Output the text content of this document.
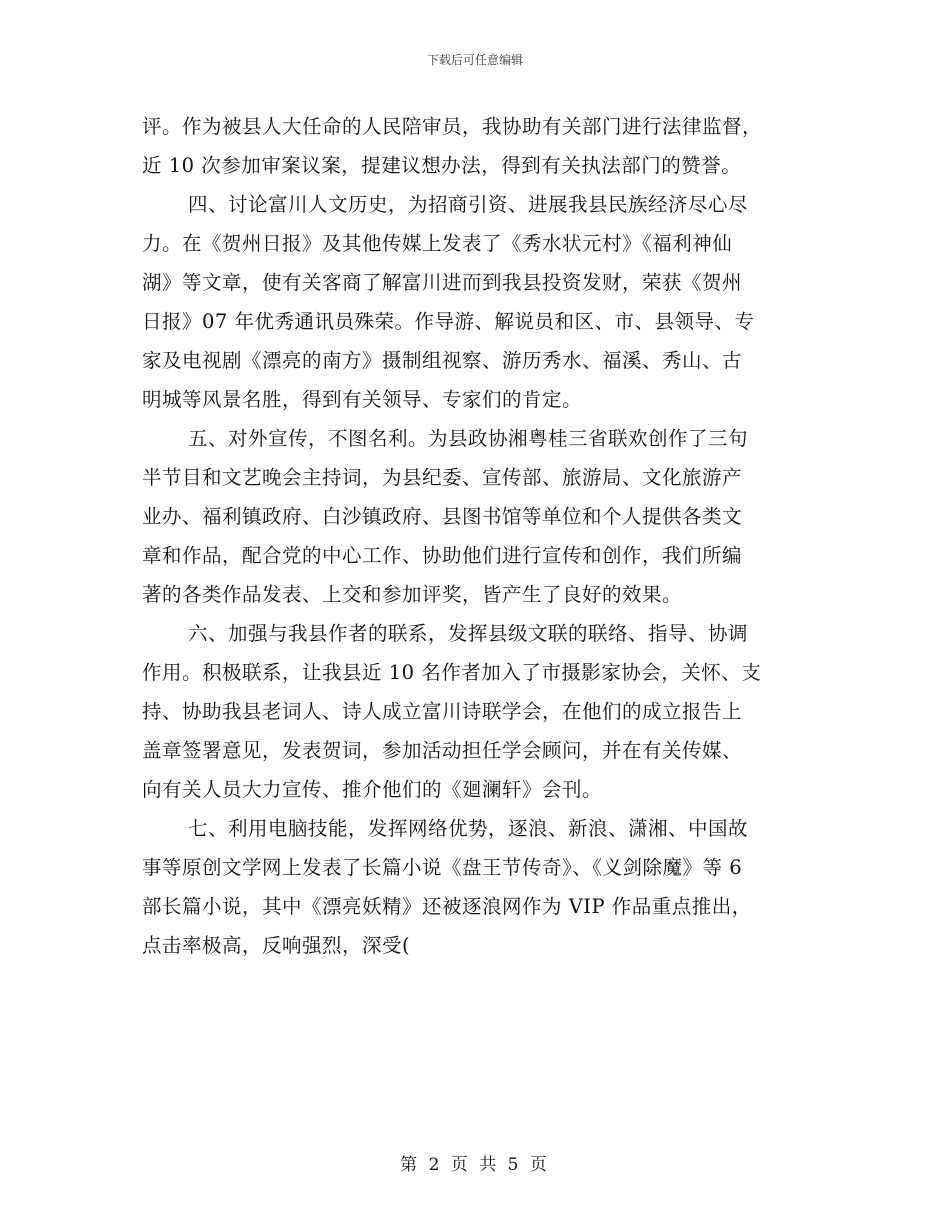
下载后可任意编辑
评。作为被县人大任命的人民陪审员，我协助有关部门进行法律监督，
近 10 次参加审案议案，提建议想办法，得到有关执法部门的赞誉。
四、讨论富川人文历史，为招商引资、进展我县民族经济尽心尽
力。在《贺州日报》及其他传媒上发表了《秀水状元村》《福利神仙
湖》等文章，使有关客商了解富川进而到我县投资发财，荣获《贺州
日报》07 年优秀通讯员殊荣。作导游、解说员和区、市、县领导、专
家及电视剧《漂亮的南方》摄制组视察、游历秀水、福溪、秀山、古
明城等风景名胜，得到有关领导、专家们的肯定。
五、对外宣传，不图名利。为县政协湘粤桂三省联欢创作了三句
半节目和文艺晚会主持词，为县纪委、宣传部、旅游局、文化旅游产
业办、福利镇政府、白沙镇政府、县图书馆等单位和个人提供各类文
章和作品，配合党的中心工作、协助他们进行宣传和创作，我们所编
著的各类作品发表、上交和参加评奖，皆产生了良好的效果。
六、加强与我县作者的联系，发挥县级文联的联络、指导、协调
作用。积极联系，让我县近 10 名作者加入了市摄影家协会，关怀、支
持、协助我县老词人、诗人成立富川诗联学会，在他们的成立报告上
盖章签署意见，发表贺词，参加活动担任学会顾问，并在有关传媒、
向有关人员大力宣传、推介他们的《廻澜轩》会刊。
七、利用电脑技能，发挥网络优势，逐浪、新浪、潇湘、中国故
事等原创文学网上发表了长篇小说《盘王节传奇》、《义剑除魔》等 6
部长篇小说，其中《漂亮妖精》还被逐浪网作为 VIP 作品重点推出，
点击率极高，反响强烈，深受(
第 2 页 共 5 页
